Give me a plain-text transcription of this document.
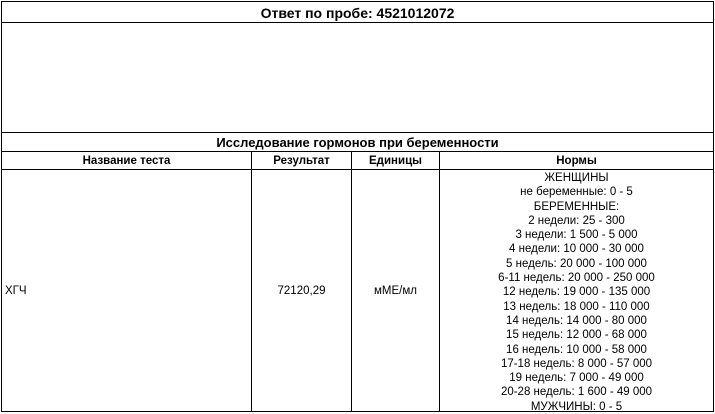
Ответ по пробе: 4521012072
Исследование гормонов при беременности
Название теста	Результат	Единицы	Нормы
ХГЧ	72120,29	мМЕ/мл
ЖЕНЩИНЫ
не беременные: 0 - 5
БЕРЕМЕННЫЕ:
2 недели: 25 - 300
3 недели: 1 500 - 5 000
4 недели: 10 000 - 30 000
5 недель: 20 000 - 100 000
6-11 недель: 20 000 - 250 000
12 недель: 19 000 - 135 000
13 недель: 18 000 - 110 000
14 недель: 14 000 - 80 000
15 недель: 12 000 - 68 000
16 недель: 10 000 - 58 000
17-18 недель: 8 000 - 57 000
19 недель: 7 000 - 49 000
20-28 недель: 1 600 - 49 000
МУЖЧИНЫ: 0 - 5
